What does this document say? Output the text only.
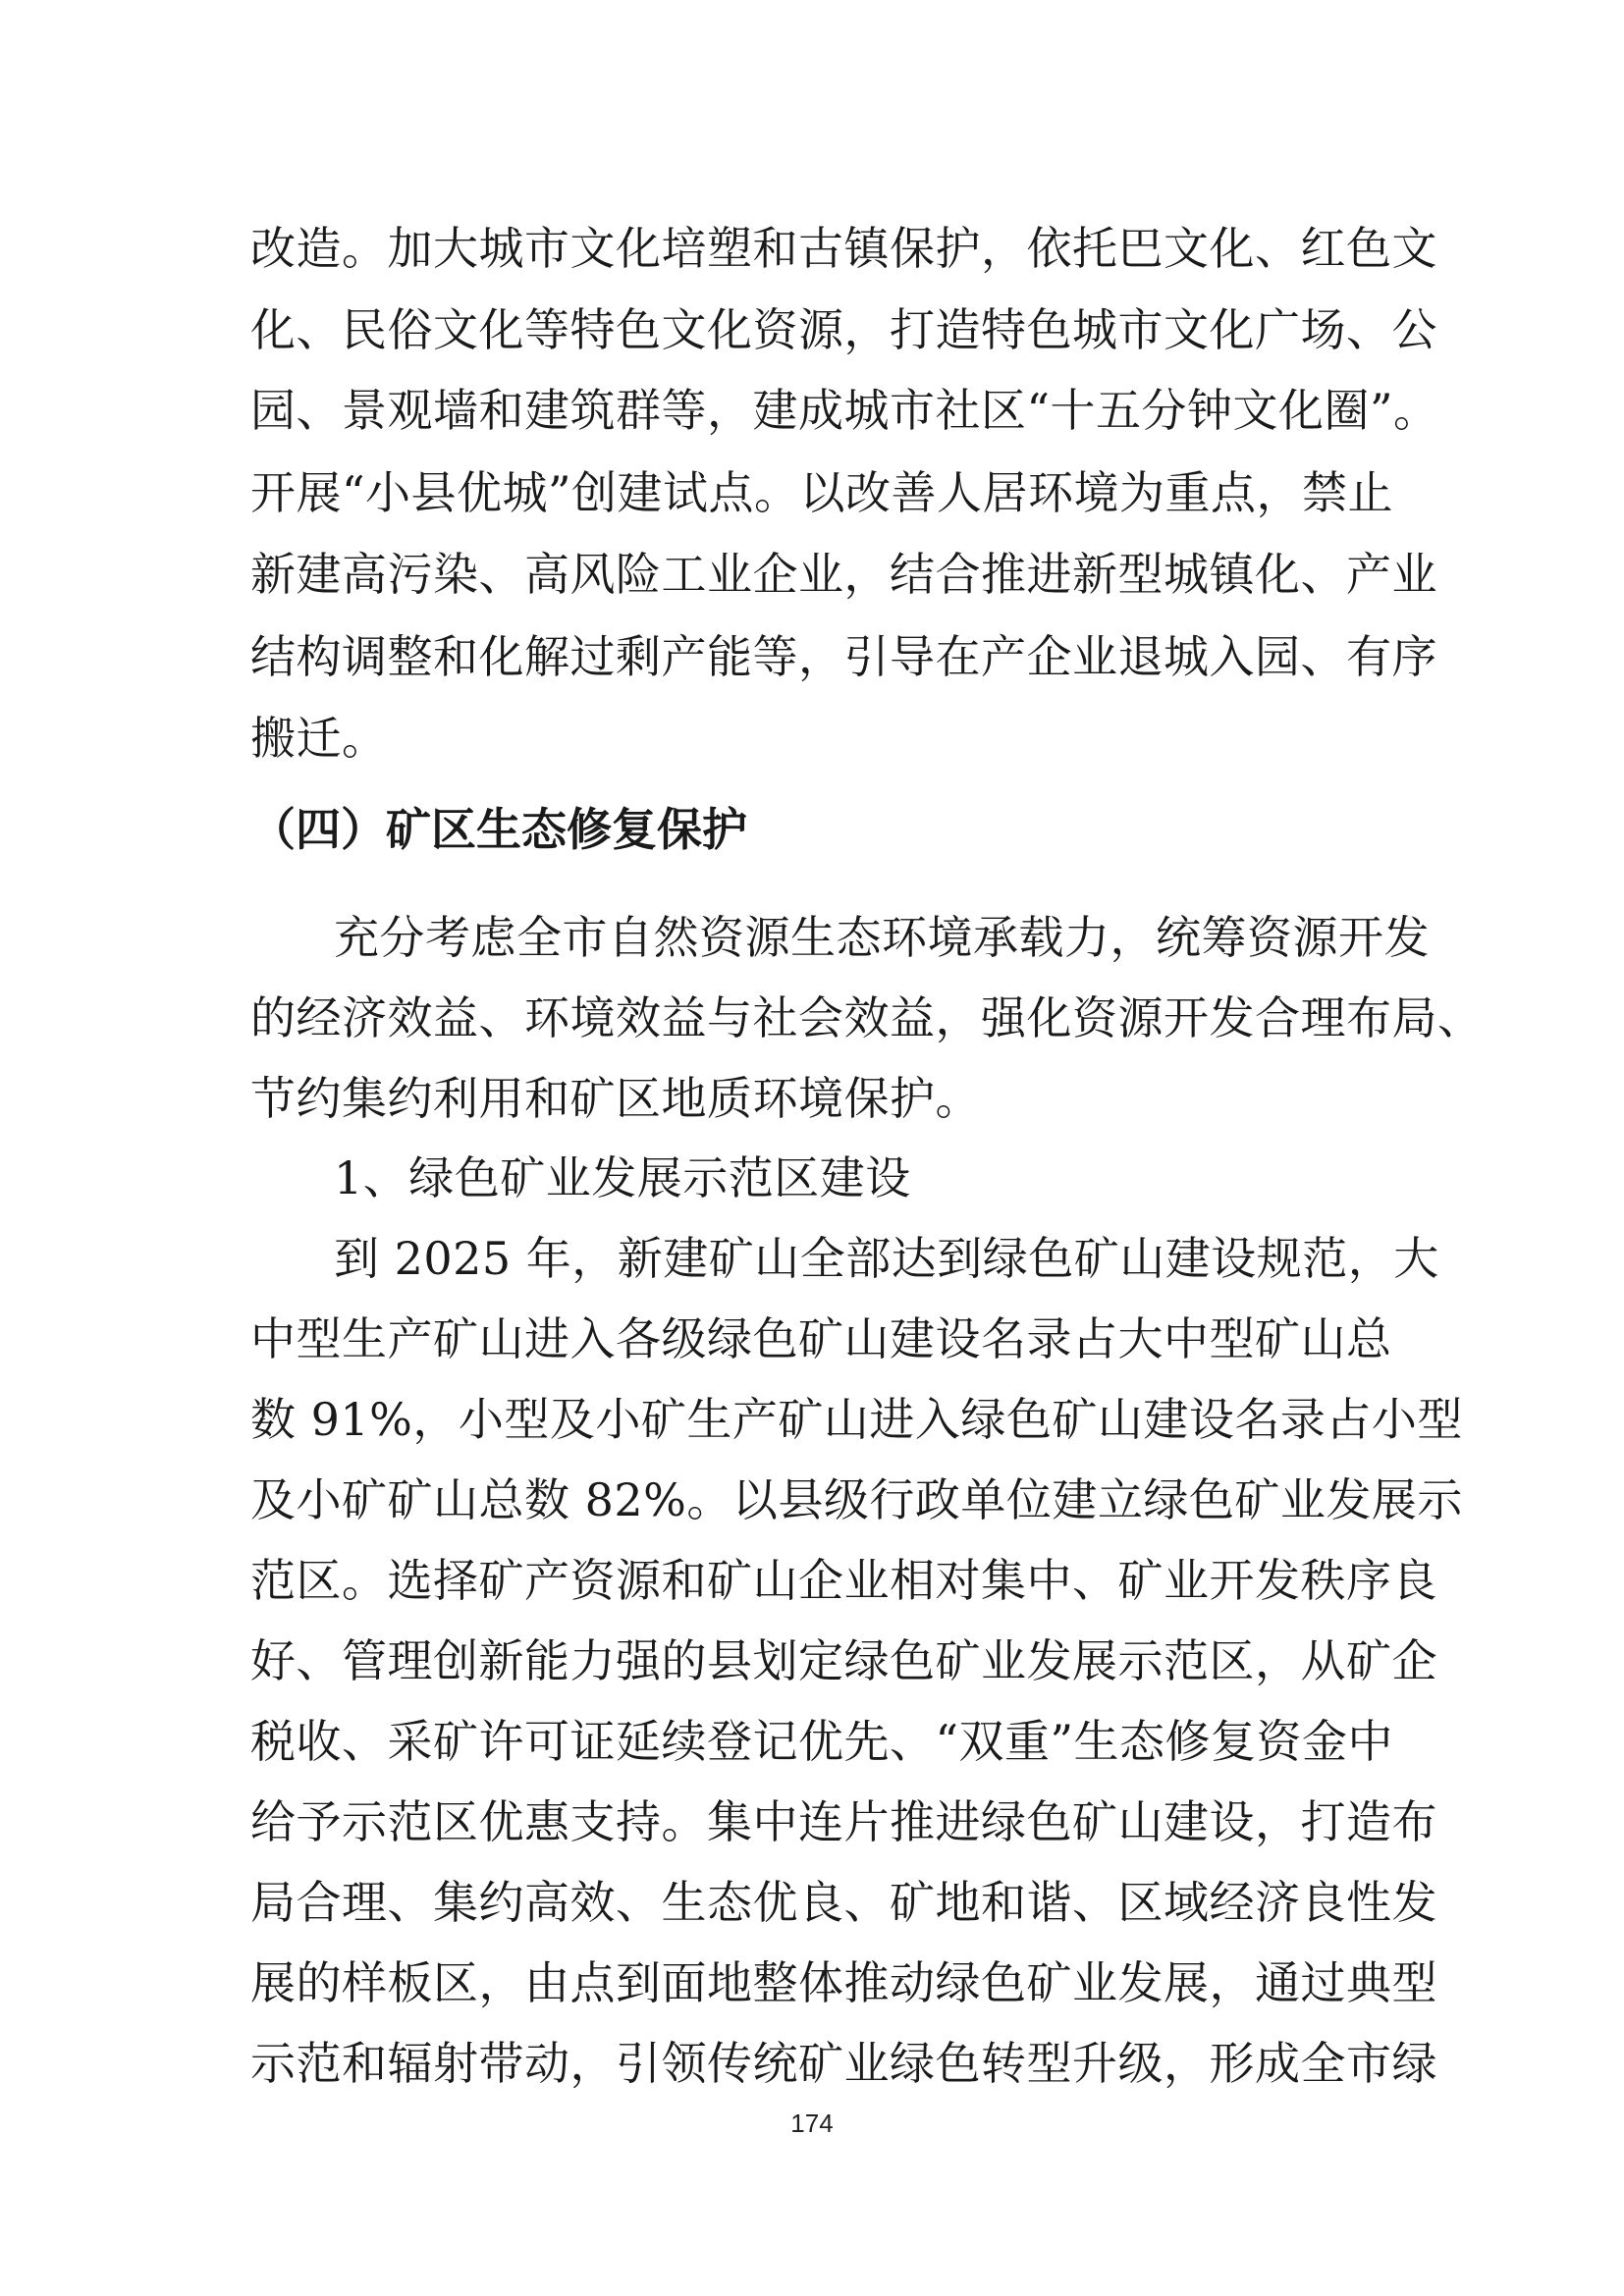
改造。加大城市文化培塑和古镇保护，依托巴文化、红色文
化、民俗文化等特色文化资源，打造特色城市文化广场、公
园、景观墙和建筑群等，建成城市社区“十五分钟文化圈”。
开展“小县优城”创建试点。以改善人居环境为重点，禁止
新建高污染、高风险工业企业，结合推进新型城镇化、产业
结构调整和化解过剩产能等，引导在产企业退城入园、有序
搬迁。
（四）矿区生态修复保护
充分考虑全市自然资源生态环境承载力，统筹资源开发
的经济效益、环境效益与社会效益，强化资源开发合理布局、
节约集约利用和矿区地质环境保护。
1、绿色矿业发展示范区建设
到 2025 年，新建矿山全部达到绿色矿山建设规范，大
中型生产矿山进入各级绿色矿山建设名录占大中型矿山总
数 91%，小型及小矿生产矿山进入绿色矿山建设名录占小型
及小矿矿山总数 82%。以县级行政单位建立绿色矿业发展示
范区。选择矿产资源和矿山企业相对集中、矿业开发秩序良
好、管理创新能力强的县划定绿色矿业发展示范区，从矿企
税收、采矿许可证延续登记优先、“双重”生态修复资金中
给予示范区优惠支持。集中连片推进绿色矿山建设，打造布
局合理、集约高效、生态优良、矿地和谐、区域经济良性发
展的样板区，由点到面地整体推动绿色矿业发展，通过典型
示范和辐射带动，引领传统矿业绿色转型升级，形成全市绿
174
